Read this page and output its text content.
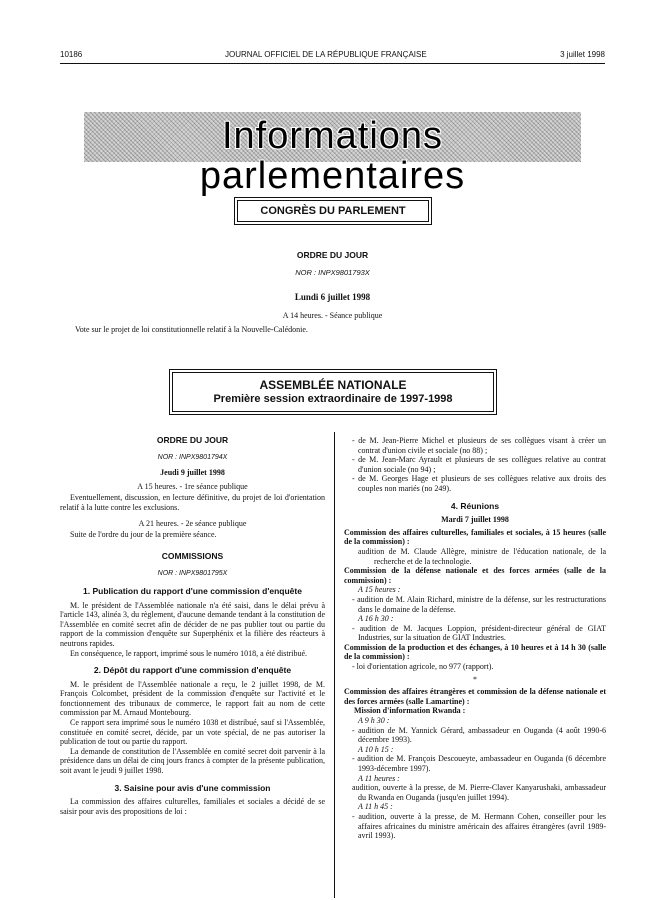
10186	JOURNAL OFFICIEL DE LA RÉPUBLIQUE FRANÇAISE	3 juillet 1998
Informations parlementaires
CONGRÈS DU PARLEMENT
ORDRE DU JOUR
NOR : INPX9801793X
Lundi 6 juillet 1998
A 14 heures. - Séance publique
Vote sur le projet de loi constitutionnelle relatif à la Nouvelle-Calédonie.
ASSEMBLÉE NATIONALE
Première session extraordinaire de 1997-1998

ORDRE DU JOUR

NOR : INPX9801794X

Jeudi 9 juillet 1998

A 15 heures. - 1re séance publique

Eventuellement, discussion, en lecture définitive, du projet de loi d'orientation relatif à la lutte contre les exclusions.

A 21 heures. - 2e séance publique

Suite de l'ordre du jour de la première séance.

COMMISSIONS

NOR : INPX9801795X

1. Publication du rapport d'une commission d'enquête

M. le président de l'Assemblée nationale n'a été saisi, dans le délai prévu à l'article 143, alinéa 3, du règlement, d'aucune demande tendant à la constitution de l'Assemblée en comité secret afin de décider de ne pas publier tout ou partie du rapport de la commission d'enquête sur Superphénix et la filière des réacteurs à neutrons rapides.

En conséquence, le rapport, imprimé sous le numéro 1018, a été distribué.

2. Dépôt du rapport d'une commission d'enquête

M. le président de l'Assemblée nationale a reçu, le 2 juillet 1998, de M. François Colcombet, président de la commission d'enquête sur l'activité et le fonctionnement des tribunaux de commerce, le rapport fait au nom de cette commission par M. Arnaud Montebourg.

Ce rapport sera imprimé sous le numéro 1038 et distribué, sauf si l'Assemblée, constituée en comité secret, décide, par un vote spécial, de ne pas autoriser la publication de tout ou partie du rapport.

La demande de constitution de l'Assemblée en comité secret doit parvenir à la présidence dans un délai de cinq jours francs à compter de la présente publication, soit avant le jeudi 9 juillet 1998.

3. Saisine pour avis d'une commission

La commission des affaires culturelles, familiales et sociales a décidé de se saisir pour avis des propositions de loi :

- de M. Jean-Pierre Michel et plusieurs de ses collègues visant à créer un contrat d'union civile et sociale (no 88) ;

- de M. Jean-Marc Ayrault et plusieurs de ses collègues relative au contrat d'union sociale (no 94) ;

- de M. Georges Hage et plusieurs de ses collègues relative aux droits des couples non mariés (no 249).

4. Réunions

Mardi 7 juillet 1998

Commission des affaires culturelles, familiales et sociales, à 15 heures (salle de la commission) :

audition de M. Claude Allègre, ministre de l'éducation nationale, de la recherche et de la technologie.

Commission de la défense nationale et des forces armées (salle de la commission) :

A 15 heures :

- audition de M. Alain Richard, ministre de la défense, sur les restructurations dans le domaine de la défense.

A 16 h 30 :

- audition de M. Jacques Loppion, président-directeur général de GIAT Industries, sur la situation de GIAT Industries.

Commission de la production et des échanges, à 10 heures et à 14 h 30 (salle de la commission) :

- loi d'orientation agricole, no 977 (rapport).

*

Commission des affaires étrangères et commission de la défense nationale et des forces armées (salle Lamartine) :

Mission d'information Rwanda :

A 9 h 30 :

- audition de M. Yannick Gérard, ambassadeur en Ouganda (4 août 1990-6 décembre 1993).

A 10 h 15 :

- audition de M. François Descoueyte, ambassadeur en Ouganda (6 décembre 1993-décembre 1997).

A 11 heures :

audition, ouverte à la presse, de M. Pierre-Claver Kanyarushaki, ambassadeur du Rwanda en Ouganda (jusqu'en juillet 1994).

A 11 h 45 :

- audition, ouverte à la presse, de M. Hermann Cohen, conseiller pour les affaires africaines du ministre américain des affaires étrangères (avril 1989-avril 1993).
